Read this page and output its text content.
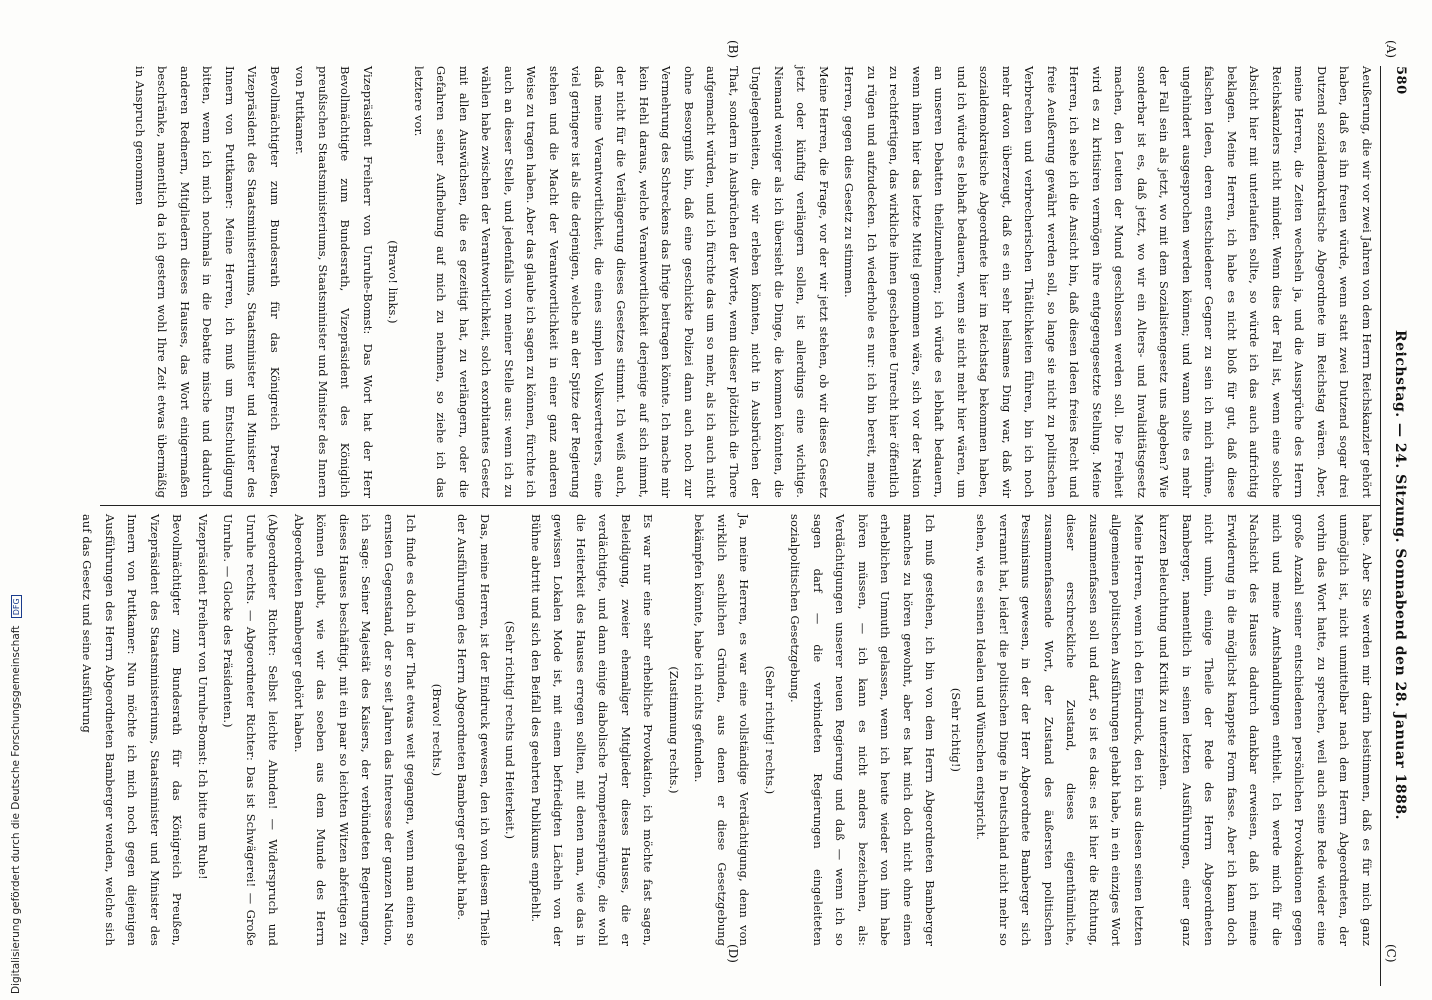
580
Reichstag. — 24. Sitzung. Sonnabend den 28. Januar 1888.
(A)
(B)
(C)
(D)

Aeußerung, die wir vor zwei Jahren von dem Herrn Reichskanzler gehört haben, daß es ihn freuen würde, wenn statt zwei Dutzend sogar drei Dutzend sozialdemokratische Abgeordnete im Reichstag wären. Aber, meine Herren, die Zeiten wechseln ja, und die Aussprüche des Herrn Reichskanzlers nicht minder. Wenn dies der Fall ist, wenn eine solche Absicht hier mit unterlaufen sollte, so würde ich das auch aufrichtig beklagen. Meine Herren, ich habe es nicht bloß für gut, daß diese falschen Ideen, deren entschiedener Gegner zu sein ich mich rühme, ungehindert ausgesprochen werden können; und wann sollte es mehr der Fall sein als jetzt, wo mit dem Sozialistengesetz uns abgeben? Wie sonderbar ist es, daß jetzt, wo wir ein Alters- und Invaliditätsgesetz machen, den Leuten der Mund geschlossen werden soll. Die Freiheit wird es zu kritisiren vermögen ihre entgegengesetzte Stellung. Meine Herren, ich sehe ich die Ansicht bin, daß diesen Ideen freies Recht und freie Aeußerung gewährt werden soll, so lange sie nicht zu politischen Verbrechen und verbrecherischen Thätlichkeiten führen, bin ich noch mehr davon überzeugt, daß es ein sehr heilsames Ding war, daß wir sozialdemokratische Abgeordnete hier im Reichstag bekommen haben, und ich würde es lebhaft bedauern, wenn sie nicht mehr hier wären, um an unseren Debatten theilzunehmen; ich würde es lebhaft bedauern, wenn ihnen hier das letzte Mittel genommen wäre, sich vor der Nation zu rechtfertigen, das wirkliche ihnen geschehene Unrecht hier öffentlich zu rügen und aufzudecken. Ich wiederhole es nur: ich bin bereit, meine Herren, gegen dies Gesetz zu stimmen.

Meine Herren, die Frage, vor der wir jetzt stehen, ob wir dieses Gesetz jetzt oder künftig verlängern sollen, ist allerdings eine wichtige. Niemand weniger als ich übersieht die Dinge, die kommen könnten, die Ungelegenheiten, die wir erleben könnten, nicht in Ausbrüchen der That, sondern in Ausbrüchen der Worte, wenn dieser plötzlich die Thore aufgemacht würden, und ich fürchte das um so mehr, als ich auch nicht ohne Besorgniß bin, daß eine geschickte Polizei dann auch noch zur Vermehrung des Schreckens das Ihrige beitragen könnte. Ich mache mir kein Hehl daraus, welche Verantwortlichkeit derjenige auf sich nimmt, der nicht für die Verlängerung dieses Gesetzes stimmt. Ich weiß auch, daß meine Verantwortlichkeit, die eines simplen Volksvertreters, eine viel geringere ist als die derjenigen, welche an der Spitze der Regierung stehen und die Macht der Verantwortlichkeit in einer ganz anderen Weise zu tragen haben. Aber das glaube ich sagen zu können, fürchte ich auch an dieser Stelle, und jedenfalls von meiner Stelle aus: wenn ich zu wählen habe zwischen der Verantwortlichkeit, solch exorbitantes Gesetz mit allen Auswüchsen, die es gezeitigt hat, zu verlängern, oder die Gefahren seiner Aufhebung auf mich zu nehmen, so ziehe ich das letztere vor.

(Bravo! links.)

Vizepräsident Freiherr von Unruhe-Bomst: Das Wort hat der Herr Bevollmächtigte zum Bundesrath, Vizepräsident des Königlich preußischen Staatsministeriums, Staatsminister und Minister des Innern von Puttkamer.

Bevollmächtigter zum Bundesrath für das Königreich Preußen, Vizepräsident des Staatsministeriums, Staatsminister und Minister des Innern von Puttkamer: Meine Herren, ich muß um Entschuldigung bitten, wenn ich mich nochmals in die Debatte mische und dadurch anderen Rednern, Mitgliedern dieses Hauses, das Wort einigermaßen beschränke, namentlich da ich gestern wohl Ihre Zeit etwas übermäßig in Anspruch genommen

habe. Aber Sie werden mir darin beistimmen, daß es für mich ganz unmöglich ist, nicht unmittelbar nach dem Herrn Abgeordneten, der vorhin das Wort hatte, zu sprechen, weil auch seine Rede wieder eine große Anzahl seiner entschiedenen persönlichen Provokationen gegen mich und meine Amtshandlungen enthielt. Ich werde mich für die Nachsicht des Hauses dadurch dankbar erweisen, daß ich meine Erwiderung in die möglichst knappste Form fasse. Aber ich kann doch nicht umhin, einige Theile der Rede des Herrn Abgeordneten Bamberger, namentlich in seinen letzten Ausführungen, einer ganz kurzen Beleuchtung und Kritik zu unterziehen.

Meine Herren, wenn ich den Eindruck, den ich aus diesen seinen letzten allgemeinen politischen Ausführungen gehabt habe, in ein einziges Wort zusammenfassen soll und darf, so ist es das: es ist hier die Richtung, dieser erschreckliche Zustand, dieses eigenthümliche, zusammenfassende Wort, der Zustand des äußersten politischen Pessimismus gewesen, in der der Herr Abgeordnete Bamberger sich verrannt hat, leider! die politischen Dinge in Deutschland nicht mehr so sehen, wie es seinen Idealen und Wünschen entspricht.

(Sehr richtig!)

Ich muß gestehen, ich bin von dem Herrn Abgeordneten Bamberger manches zu hören gewohnt, aber es hat mich doch nicht ohne einen erheblichen Unmuth gelassen, wenn ich heute wieder von ihm habe hören müssen, — ich kann es nicht anders bezeichnen, als: Verdächtigungen unserer neuen Regierung und daß — wenn ich so sagen darf — die verbindeten Regierungen eingeleiteten sozialpolitischen Gesetzgebung.

(Sehr richtig! rechts.)

Ja, meine Herren, es war eine vollständige Verdächtigung, denn von wirklich sachlichen Gründen, aus denen er diese Gesetzgebung bekämpfen könnte, habe ich nichts gefunden.

(Zustimmung rechts.)

Es war nur eine sehr erhebliche Provokation, ich möchte fast sagen, Beleidigung, zweier ehemaliger Mitglieder dieses Hauses, die er verdächtigte, und dann einige diabolische Trompetensprünge, die wohl die Heiterkeit des Hauses erregen sollten, mit denen man, wie das in gewissen Lokalen Mode ist, mit einem befriedigten Lächeln von der Bühne abtritt und sich den Beifall des geehrten Publikums empfiehlt.

(Sehr richtig! rechts und Heiterkeit.)

Das, meine Herren, ist der Eindruck gewesen, den ich von diesem Theile der Ausführungen des Herrn Abgeordneten Bamberger gehabt habe.

(Bravo! rechts.)

Ich finde es doch in der That etwas weit gegangen, wenn man einen so ernsten Gegenstand, der so seit Jahren das Interesse der ganzen Nation, ich sage: Seiner Majestät des Kaisers, der verbündeten Regierungen, dieses Hauses beschäftigt, mit ein paar so leichten Witzen abfertigen zu können glaubt, wie wir das soeben aus dem Munde des Herrn Abgeordneten Bamberger gehört haben.

(Abgeordneter Richter: Selbst leichte Ahnden! — Widerspruch und Unruhe rechts. — Abgeordneter Richter: Das ist Schwägerei! — Große Unruhe. — Glocke des Präsidenten.)

Vizepräsident Freiherr von Unruhe-Bomst: Ich bitte um Ruhe!

Bevollmächtigter zum Bundesrath für das Königreich Preußen, Vizepräsident des Staatsministeriums, Staatsminister und Minister des Innern von Puttkamer: Nun möchte ich mich noch gegen diejenigen Ausführungen des Herrn Abgeordneten Bamberger wenden, welche sich auf das Gesetz und seine Ausführung

Digitalisierung gefördert durch die Deutsche Forschungsgemeinschaft DFG
